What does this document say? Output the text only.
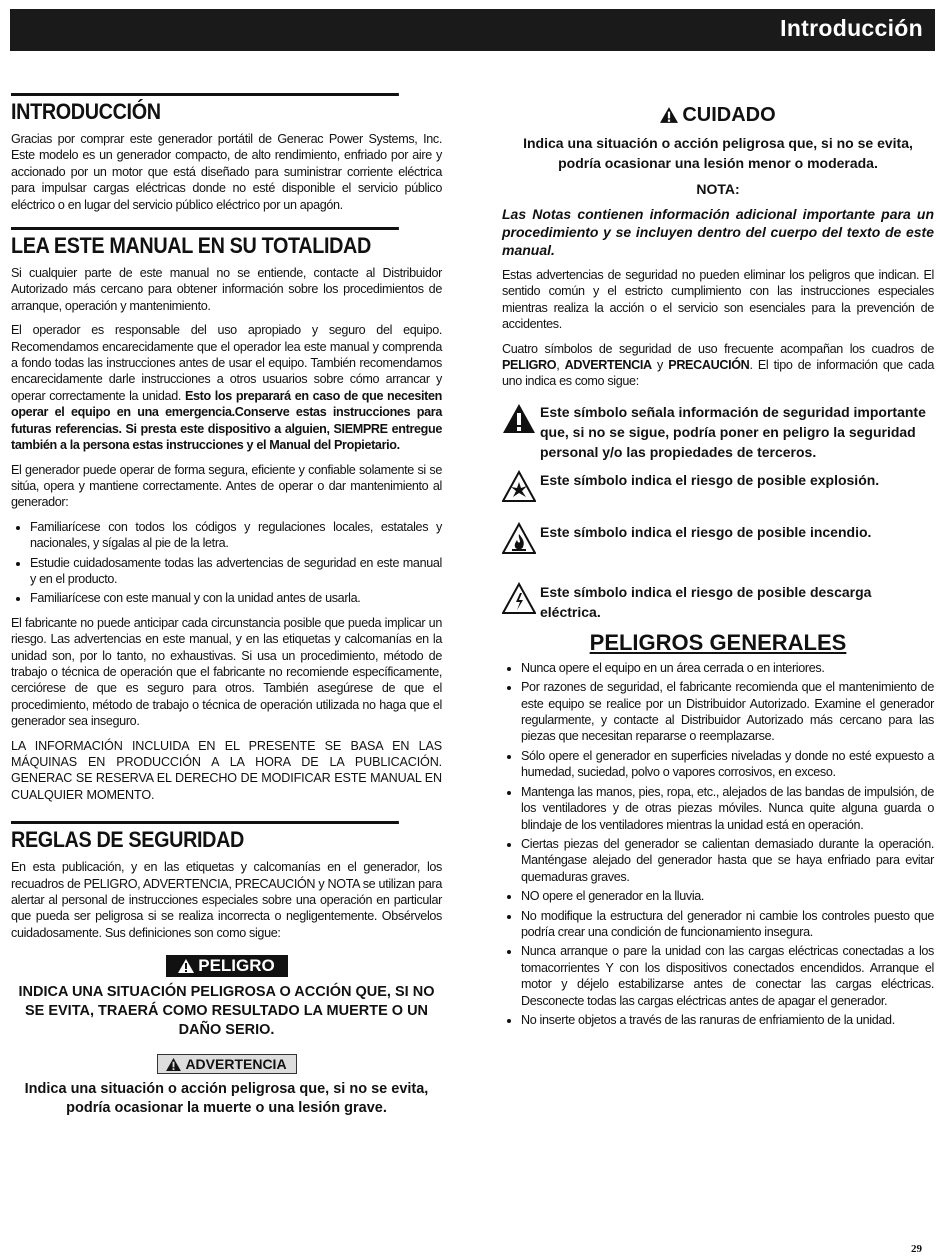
Introducción
INTRODUCCIÓN

Gracias por comprar este generador portátil de Generac Power Systems, Inc. Este modelo es un generador compacto, de alto rendimiento, enfriado por aire y accionado por un motor que está diseñado para suministrar corriente eléctrica para impulsar cargas eléctricas donde no esté disponible el servicio público eléctrico o en lugar del servicio público eléctrico por un apagón.

LEA ESTE MANUAL EN SU TOTALIDAD

Si cualquier parte de este manual no se entiende, contacte al Distribuidor Autorizado más cercano para obtener información sobre los procedimientos de arranque, operación y mantenimiento.

El operador es responsable del uso apropiado y seguro del equipo. Recomendamos encarecidamente que el operador lea este manual y comprenda a fondo todas las instrucciones antes de usar el equipo. También recomendamos encarecidamente darle instrucciones a otros usuarios sobre cómo arrancar y operar correctamente la unidad. Esto los preparará en caso de que necesiten operar el equipo en una emergencia.Conserve estas instrucciones para futuras referencias. Si presta este dispositivo a alguien, SIEMPRE entregue también a la persona estas instrucciones y el Manual del Propietario.

El generador puede operar de forma segura, eficiente y confiable solamente si se sitúa, opera y mantiene correctamente. Antes de operar o dar mantenimiento al generador:

• Familiarícese con todos los códigos y regulaciones locales, estatales y nacionales, y sígalas al pie de la letra.
• Estudie cuidadosamente todas las advertencias de seguridad en este manual y en el producto.
• Familiarícese con este manual y con la unidad antes de usarla.

El fabricante no puede anticipar cada circunstancia posible que pueda implicar un riesgo. Las advertencias en este manual, y en las etiquetas y calcomanías en la unidad son, por lo tanto, no exhaustivas. Si usa un procedimiento, método de trabajo o técnica de operación que el fabricante no recomiende específicamente, cerciórese de que es seguro para otros. También asegúrese de que el procedimiento, método de trabajo o técnica de operación utilizada no haga que el generador sea inseguro.

LA INFORMACIÓN INCLUIDA EN EL PRESENTE SE BASA EN LAS MÁQUINAS EN PRODUCCIÓN A LA HORA DE LA PUBLICACIÓN. GENERAC SE RESERVA EL DERECHO DE MODIFICAR ESTE MANUAL EN CUALQUIER MOMENTO.

REGLAS DE SEGURIDAD

En esta publicación, y en las etiquetas y calcomanías en el generador, los recuadros de PELIGRO, ADVERTENCIA, PRECAUCIÓN y NOTA se utilizan para alertar al personal de instrucciones especiales sobre una operación en particular que pueda ser peligrosa si se realiza incorrecta o negligentemente. Obsérvelos cuidadosamente. Sus definiciones son como sigue:

PELIGRO
INDICA UNA SITUACIÓN PELIGROSA O ACCIÓN QUE, SI NO SE EVITA, TRAERÁ COMO RESULTADO LA MUERTE O UN DAÑO SERIO.
ADVERTENCIA
Indica una situación o acción peligrosa que, si no se evita, podría ocasionar la muerte o una lesión grave.
CUIDADO
Indica una situación o acción peligrosa que, si no se evita, podría ocasionar una lesión menor o moderada.
NOTA:
Las Notas contienen información adicional importante para un procedimiento y se incluyen dentro del cuerpo del texto de este manual.

Estas advertencias de seguridad no pueden eliminar los peligros que indican. El sentido común y el estricto cumplimiento con las instrucciones especiales mientras realiza la acción o el servicio son esenciales para la prevención de accidentes.

Cuatro símbolos de seguridad de uso frecuente acompañan los cuadros de PELIGRO, ADVERTENCIA y PRECAUCIÓN. El tipo de información que cada uno indica es como sigue:

Este símbolo señala información de seguridad importante que, si no se sigue, podría poner en peligro la seguridad personal y/o las propiedades de terceros.
Este símbolo indica el riesgo de posible explosión.
Este símbolo indica el riesgo de posible incendio.
Este símbolo indica el riesgo de posible descarga eléctrica.
PELIGROS GENERALES
• Nunca opere el equipo en un área cerrada o en interiores.
• Por razones de seguridad, el fabricante recomienda que el mantenimiento de este equipo se realice por un Distribuidor Autorizado. Examine el generador regularmente, y contacte al Distribuidor Autorizado más cercano para las piezas que necesitan repararse o reemplazarse.
• Sólo opere el generador en superficies niveladas y donde no esté expuesto a humedad, suciedad, polvo o vapores corrosivos, en exceso.
• Mantenga las manos, pies, ropa, etc., alejados de las bandas de impulsión, de los ventiladores y de otras piezas móviles. Nunca quite alguna guarda o blindaje de los ventiladores mientras la unidad está en operación.
• Ciertas piezas del generador se calientan demasiado durante la operación. Manténgase alejado del generador hasta que se haya enfriado para evitar quemaduras graves.
• NO opere el generador en la lluvia.
• No modifique la estructura del generador ni cambie los controles puesto que podría crear una condición de funcionamiento insegura.
• Nunca arranque o pare la unidad con las cargas eléctricas conectadas a los tomacorrientes Y con los dispositivos conectados encendidos. Arranque el motor y déjelo estabilizarse antes de conectar las cargas eléctricas. Desconecte todas las cargas eléctricas antes de apagar el generador.
• No inserte objetos a través de las ranuras de enfriamiento de la unidad.
29
